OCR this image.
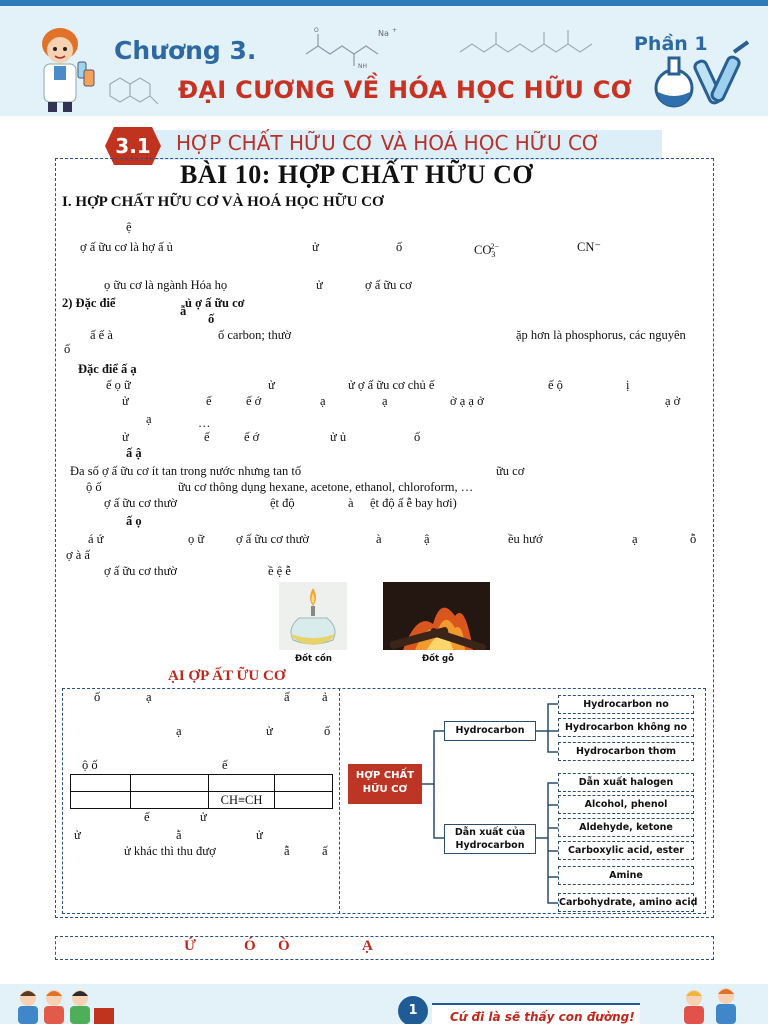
Chương 3.
Na +
NH
O
Phần 1
ĐẠI CƯƠNG VỀ HÓA HỌC HỮU CƠ
3.1	HỢP CHẤT HỮU CƠ VÀ HOÁ HỌC HỮU CƠ
BÀI 10: HỢP CHẤT HỮU CƠ
I. HỢP CHẤT HỮU CƠ VÀ HOÁ HỌC HỮU CƠ
ệ
ợ ấ ữu cơ là hợ ấ ủ	ử	ố	$CO_3^{2-}$	CN⁻
ọ ữu cơ là ngành Hóa họ	ử	ợ ấ ữu cơ
2) Đặc điể	ủ ợ ấ ữu cơ
ẫ
ố
ấ ế à	ố carbon; thườ	ặp hơn là phosphorus, các nguyên
ố
Đặc điể ấ ạ
ế ọ ữ	ử	ử ợ ấ ữu cơ chủ ế	ế ộ	ị
ử	ế	ế ớ	ạ	ạ	ở ạ ạ ở	ạ ở
ạ	…
ử	ế	ế ớ	ử ủ	ố
ấ ậ
Đa số ợ ấ ữu cơ ít tan trong nước nhưng tan tố	ữu cơ
ộ ố	ữu cơ thông dụng hexane, acetone, ethanol, chloroform, …
ợ ấ ữu cơ thườ	ệt độ	à ệt độ ấ ễ bay hơi)
ấ ọ
á ứ	ọ ữ	ợ ấ ữu cơ thườ	à	ậ	ều hướ	ạ	ỗ
ợ à ấ
ợ ấ ữu cơ thườ	ề ệ ễ
Đốt cồn	Đốt gỗ
ẠI ỢP ẤT ỮU CƠ
ố	ạ	ấ	ả
ạ	ử	ố
ộ ố	ế

		CH≡CH	
ế	ử
ử	ằ	ử
ử khác thì thu đượ	ẫ	ấ
HỢP CHẤT HỮU CƠ
Hydrocarbon
Dẫn xuất của Hydrocarbon
Hydrocarbon no
Hydrocarbon không no
Hydrocarbon thơm
Dẫn xuất halogen
Alcohol, phenol
Aldehyde, ketone
Carboxylic acid, ester
Amine
Carbohydrate, amino acid
Ứ	Ó Ò	Ạ
1	Cứ đi là sẽ thấy con đường!
